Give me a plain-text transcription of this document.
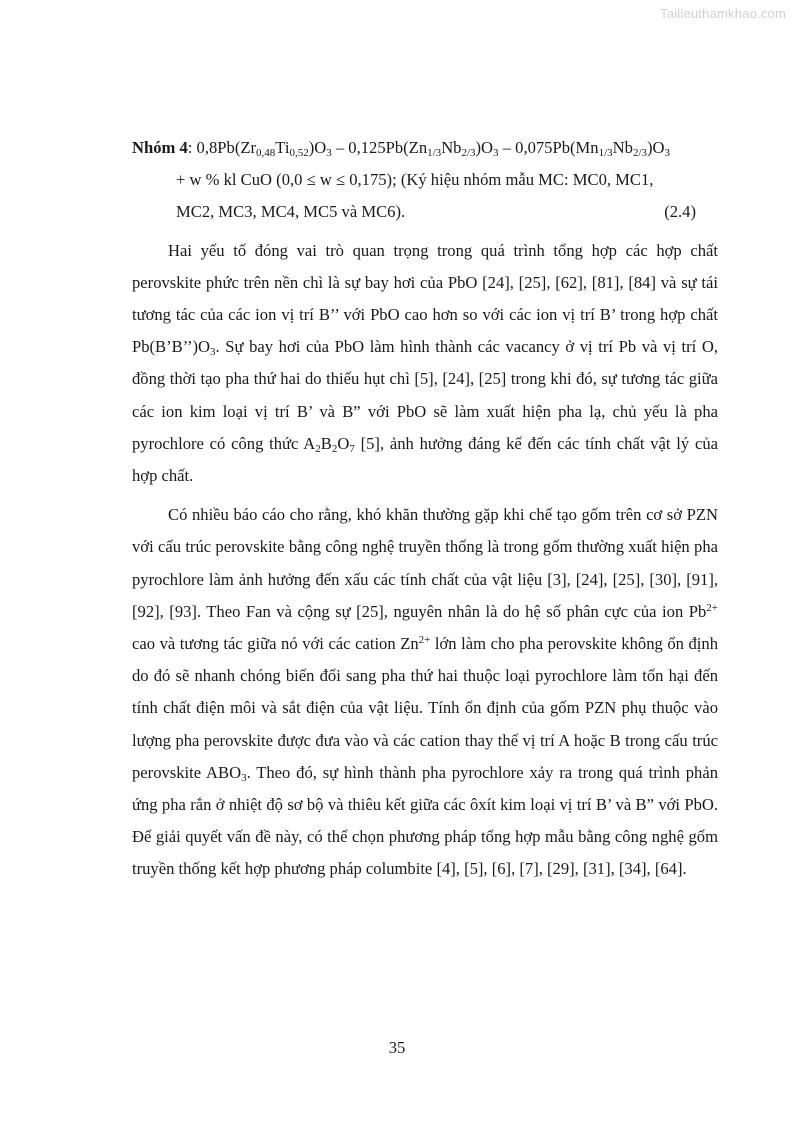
Tailieuthamkhao.com

Nhóm 4: $0,8Pb(Zr_{0,48}Ti_{0,52})O_3 - 0,125Pb(Zn_{1/3}Nb_{2/3})O_3 - 0,075Pb(Mn_{1/3}Nb_{2/3})O_3$

+ w % kl CuO (0,0 ≤ w ≤ 0,175); (Ký hiệu nhóm mẫu MC: MC0, MC1,

MC2, MC3, MC4, MC5 và MC6).	(2.4)

Hai yếu tố đóng vai trò quan trọng trong quá trình tổng hợp các hợp chất perovskite phức trên nền chì là sự bay hơi của PbO [24], [25], [62], [81], [84] và sự tái tương tác của các ion vị trí B’’ với PbO cao hơn so với các ion vị trí B’ trong hợp chất $Pb(B’B’’)O_3$. Sự bay hơi của PbO làm hình thành các vacancy ở vị trí Pb và vị trí O, đồng thời tạo pha thứ hai do thiếu hụt chì [5], [24], [25] trong khi đó, sự tương tác giữa các ion kim loại vị trí B’ và B” với PbO sẽ làm xuất hiện pha lạ, chủ yếu là pha pyrochlore có công thức $A_2B_2O_7$ [5], ảnh hưởng đáng kể đến các tính chất vật lý của hợp chất.

Có nhiều báo cáo cho rằng, khó khăn thường gặp khi chế tạo gốm trên cơ sở PZN với cấu trúc perovskite bằng công nghệ truyền thống là trong gốm thường xuất hiện pha pyrochlore làm ảnh hưởng đến xấu các tính chất của vật liệu [3], [24], [25], [30], [91], [92], [93]. Theo Fan và cộng sự [25], nguyên nhân là do hệ số phân cực của ion $Pb^{2+}$ cao và tương tác giữa nó với các cation $Zn^{2+}$ lớn làm cho pha perovskite không ổn định do đó sẽ nhanh chóng biến đổi sang pha thứ hai thuộc loại pyrochlore làm tổn hại đến tính chất điện môi và sắt điện của vật liệu. Tính ổn định của gốm PZN phụ thuộc vào lượng pha perovskite được đưa vào và các cation thay thế vị trí A hoặc B trong cấu trúc perovskite $ABO_3$. Theo đó, sự hình thành pha pyrochlore xảy ra trong quá trình phản ứng pha rắn ở nhiệt độ sơ bộ và thiêu kết giữa các ôxít kim loại vị trí B’ và B” với PbO. Để giải quyết vấn đề này, có thể chọn phương pháp tổng hợp mẫu bằng công nghệ gốm truyền thống kết hợp phương pháp columbite [4], [5], [6], [7], [29], [31], [34], [64].

35
